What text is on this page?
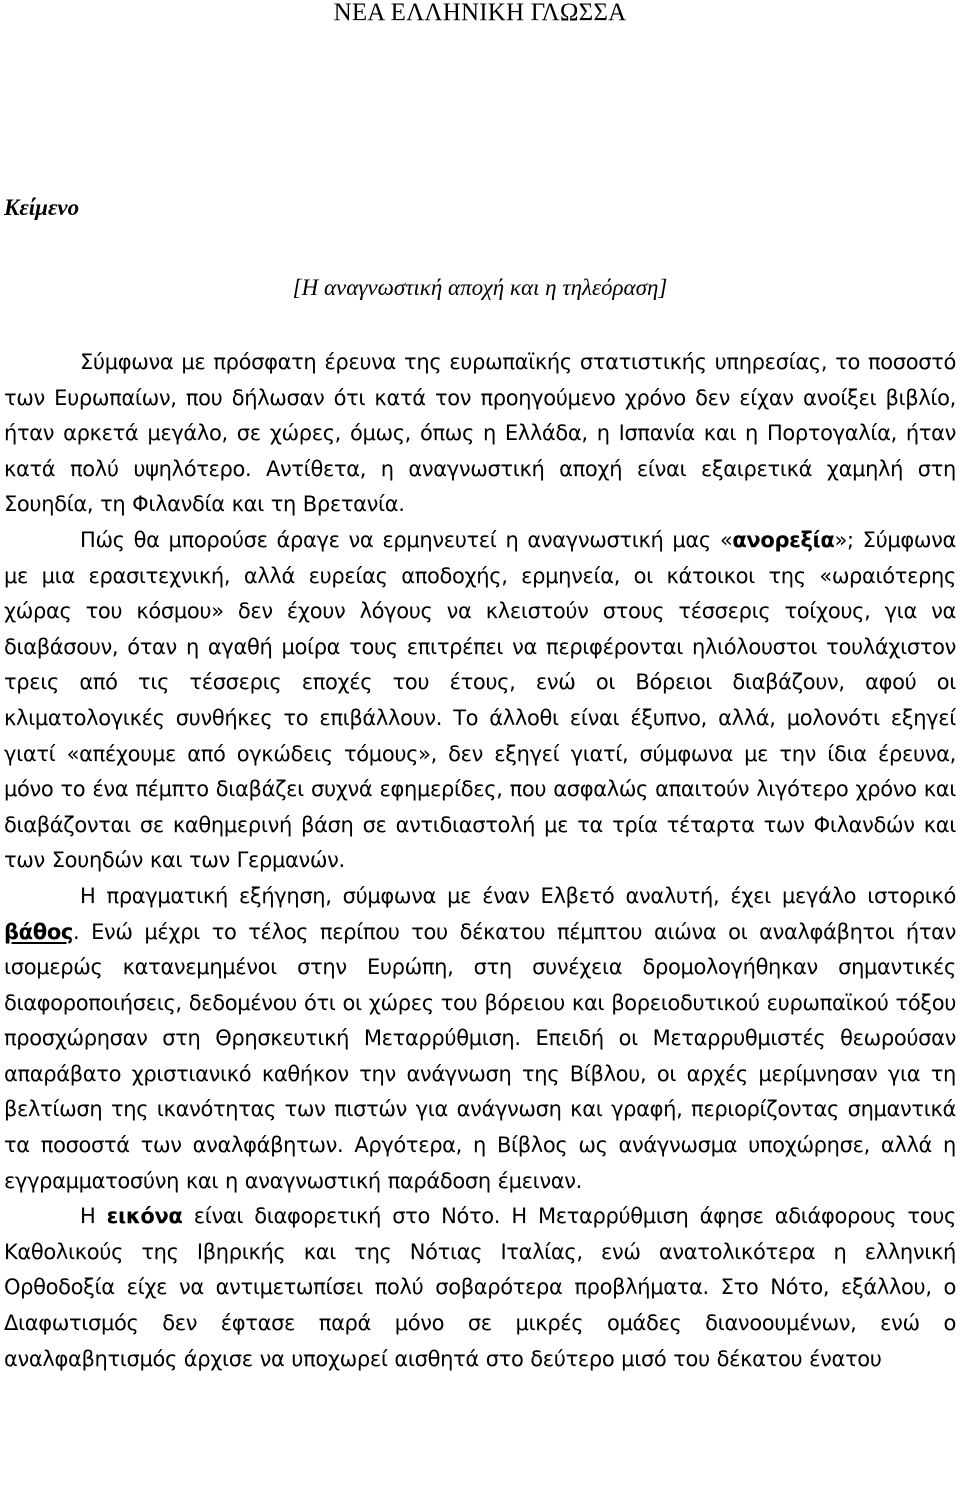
ΝΕΑ ΕΛΛΗΝΙΚΗ ΓΛΩΣΣΑ
Κείμενο
[Η αναγνωστική αποχή και η τηλεόραση]

Σύμφωνα με πρόσφατη έρευνα της ευρωπαϊκής στατιστικής υπηρεσίας, το ποσοστό των Ευρωπαίων, που δήλωσαν ότι κατά τον προηγούμενο χρόνο δεν είχαν ανοίξει βιβλίο, ήταν αρκετά μεγάλο, σε χώρες, όμως, όπως η Ελλάδα, η Ισπανία και η Πορτογαλία, ήταν κατά πολύ υψηλότερο. Αντίθετα, η αναγνωστική αποχή είναι εξαιρετικά χαμηλή στη Σουηδία, τη Φιλανδία και τη Βρετανία.

Πώς θα μπορούσε άραγε να ερμηνευτεί η αναγνωστική μας «ανορεξία»; Σύμφωνα με μια ερασιτεχνική, αλλά ευρείας αποδοχής, ερμηνεία, οι κάτοικοι της «ωραιότερης χώρας του κόσμου» δεν έχουν λόγους να κλειστούν στους τέσσερις τοίχους, για να διαβάσουν, όταν η αγαθή μοίρα τους επιτρέπει να περιφέρονται ηλιόλουστοι τουλάχιστον τρεις από τις τέσσερις εποχές του έτους, ενώ οι Βόρειοι διαβάζουν, αφού οι κλιματολογικές συνθήκες το επιβάλλουν. Το άλλοθι είναι έξυπνο, αλλά, μολονότι εξηγεί γιατί «απέχουμε από ογκώδεις τόμους», δεν εξηγεί γιατί, σύμφωνα με την ίδια έρευνα, μόνο το ένα πέμπτο διαβάζει συχνά εφημερίδες, που ασφαλώς απαιτούν λιγότερο χρόνο και διαβάζονται σε καθημερινή βάση σε αντιδιαστολή με τα τρία τέταρτα των Φιλανδών και των Σουηδών και των Γερμανών.

Η πραγματική εξήγηση, σύμφωνα με έναν Ελβετό αναλυτή, έχει μεγάλο ιστορικό βάθος. Ενώ μέχρι το τέλος περίπου του δέκατου πέμπτου αιώνα οι αναλφάβητοι ήταν ισομερώς κατανεμημένοι στην Ευρώπη, στη συνέχεια δρομολογήθηκαν σημαντικές διαφοροποιήσεις, δεδομένου ότι οι χώρες του βόρειου και βορειοδυτικού ευρωπαϊκού τόξου προσχώρησαν στη Θρησκευτική Μεταρρύθμιση. Επειδή οι Μεταρρυθμιστές θεωρούσαν απαράβατο χριστιανικό καθήκον την ανάγνωση της Βίβλου, οι αρχές μερίμνησαν για τη βελτίωση της ικανότητας των πιστών για ανάγνωση και γραφή, περιορίζοντας σημαντικά τα ποσοστά των αναλφάβητων. Αργότερα, η Βίβλος ως ανάγνωσμα υποχώρησε, αλλά η εγγραμματοσύνη και η αναγνωστική παράδοση έμειναν.

Η εικόνα είναι διαφορετική στο Νότο. Η Μεταρρύθμιση άφησε αδιάφορους τους Καθολικούς της Ιβηρικής και της Νότιας Ιταλίας, ενώ ανατολικότερα η ελληνική Ορθοδοξία είχε να αντιμετωπίσει πολύ σοβαρότερα προβλήματα. Στο Νότο, εξάλλου, ο Διαφωτισμός δεν έφτασε παρά μόνο σε μικρές ομάδες διανοουμένων, ενώ ο αναλφαβητισμός άρχισε να υποχωρεί αισθητά στο δεύτερο μισό του δέκατου ένατου
